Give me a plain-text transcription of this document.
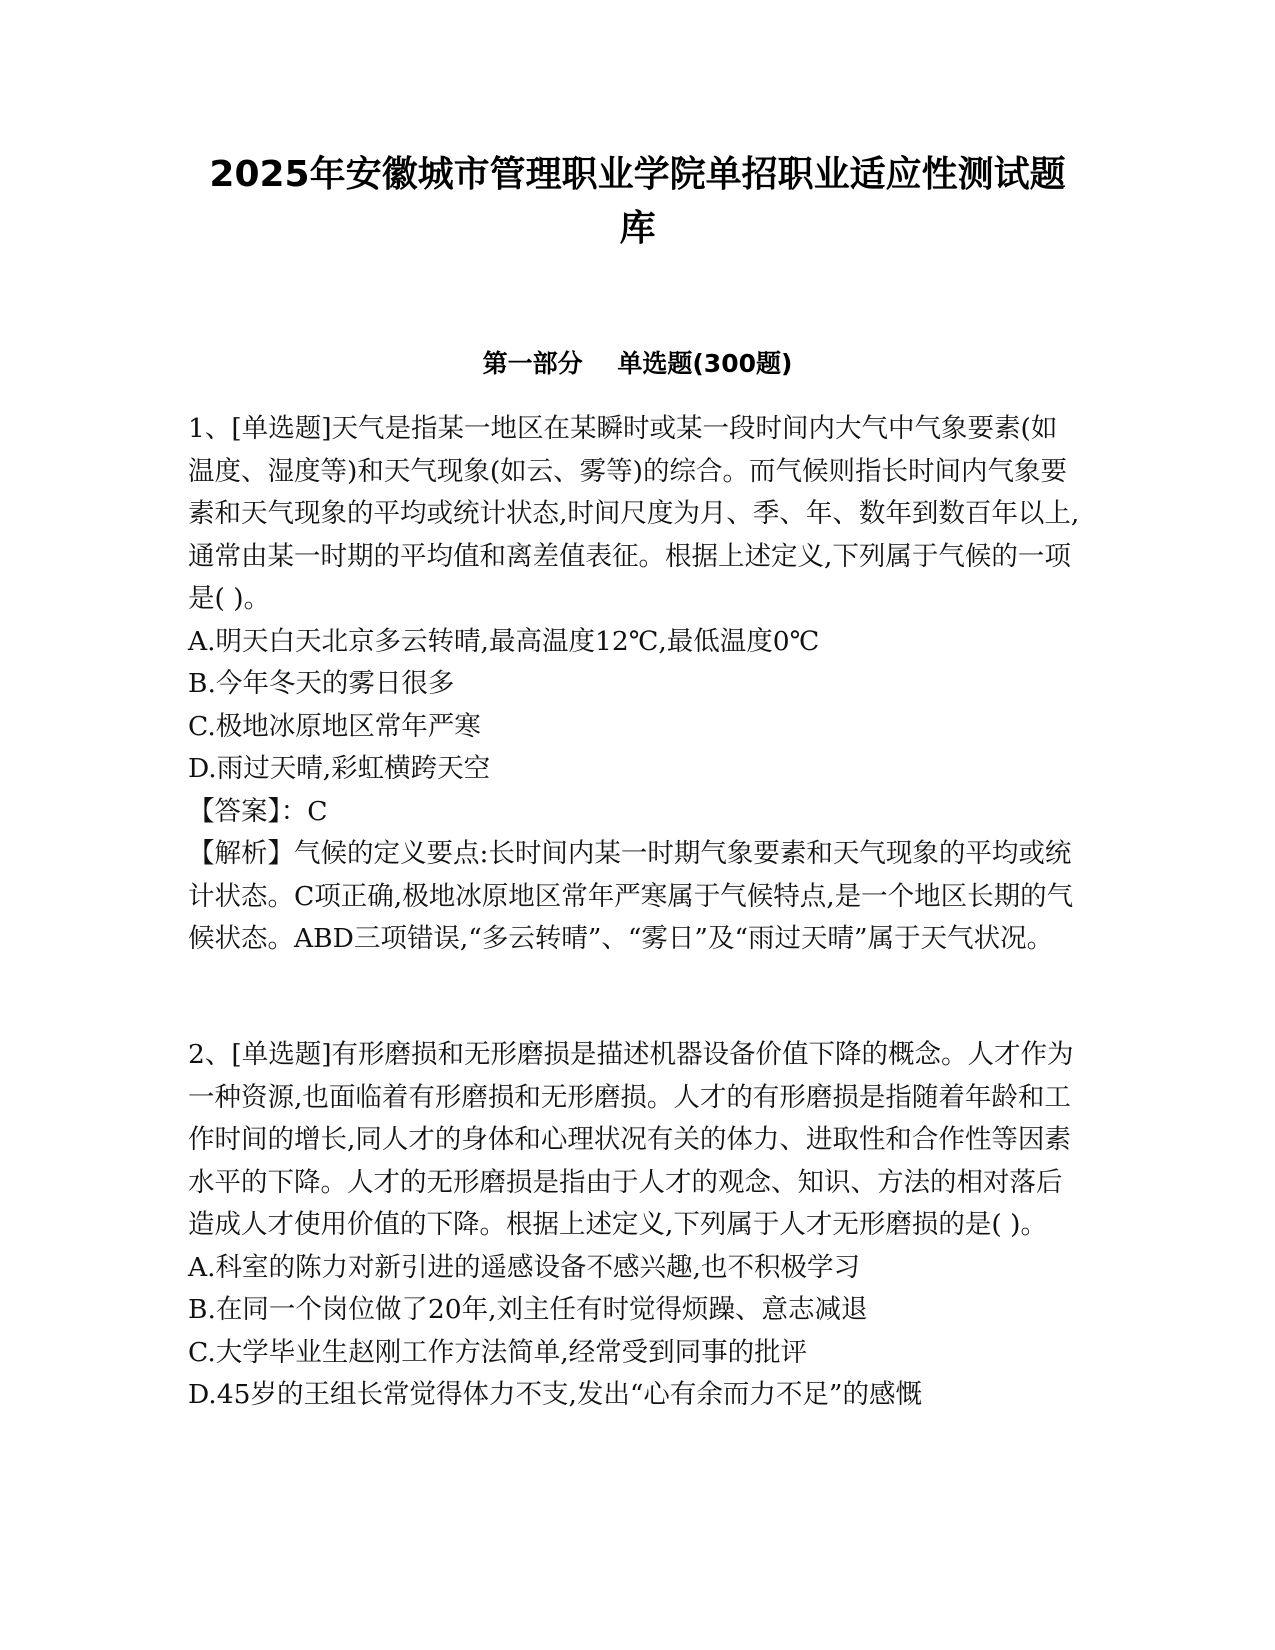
2025年安徽城市管理职业学院单招职业适应性测试题
库
第一部分    单选题(300题)

1、[单选题]天气是指某一地区在某瞬时或某一段时间内大气中气象要素(如温度、湿度等)和天气现象(如云、雾等)的综合。而气候则指长时间内气象要素和天气现象的平均或统计状态,时间尺度为月、季、年、数年到数百年以上,通常由某一时期的平均值和离差值表征。根据上述定义,下列属于气候的一项是( )。

A.明天白天北京多云转晴,最高温度12℃,最低温度0℃

B.今年冬天的雾日很多

C.极地冰原地区常年严寒

D.雨过天晴,彩虹横跨天空

【答案】：C

【解析】气候的定义要点:长时间内某一时期气象要素和天气现象的平均或统计状态。C项正确,极地冰原地区常年严寒属于气候特点,是一个地区长期的气候状态。ABD三项错误,“多云转晴”、“雾日”及“雨过天晴”属于天气状况。

2、[单选题]有形磨损和无形磨损是描述机器设备价值下降的概念。人才作为一种资源,也面临着有形磨损和无形磨损。人才的有形磨损是指随着年龄和工作时间的增长,同人才的身体和心理状况有关的体力、进取性和合作性等因素水平的下降。人才的无形磨损是指由于人才的观念、知识、方法的相对落后造成人才使用价值的下降。根据上述定义,下列属于人才无形磨损的是( )。

A.科室的陈力对新引进的遥感设备不感兴趣,也不积极学习

B.在同一个岗位做了20年,刘主任有时觉得烦躁、意志减退

C.大学毕业生赵刚工作方法简单,经常受到同事的批评

D.45岁的王组长常觉得体力不支,发出“心有余而力不足”的感慨
